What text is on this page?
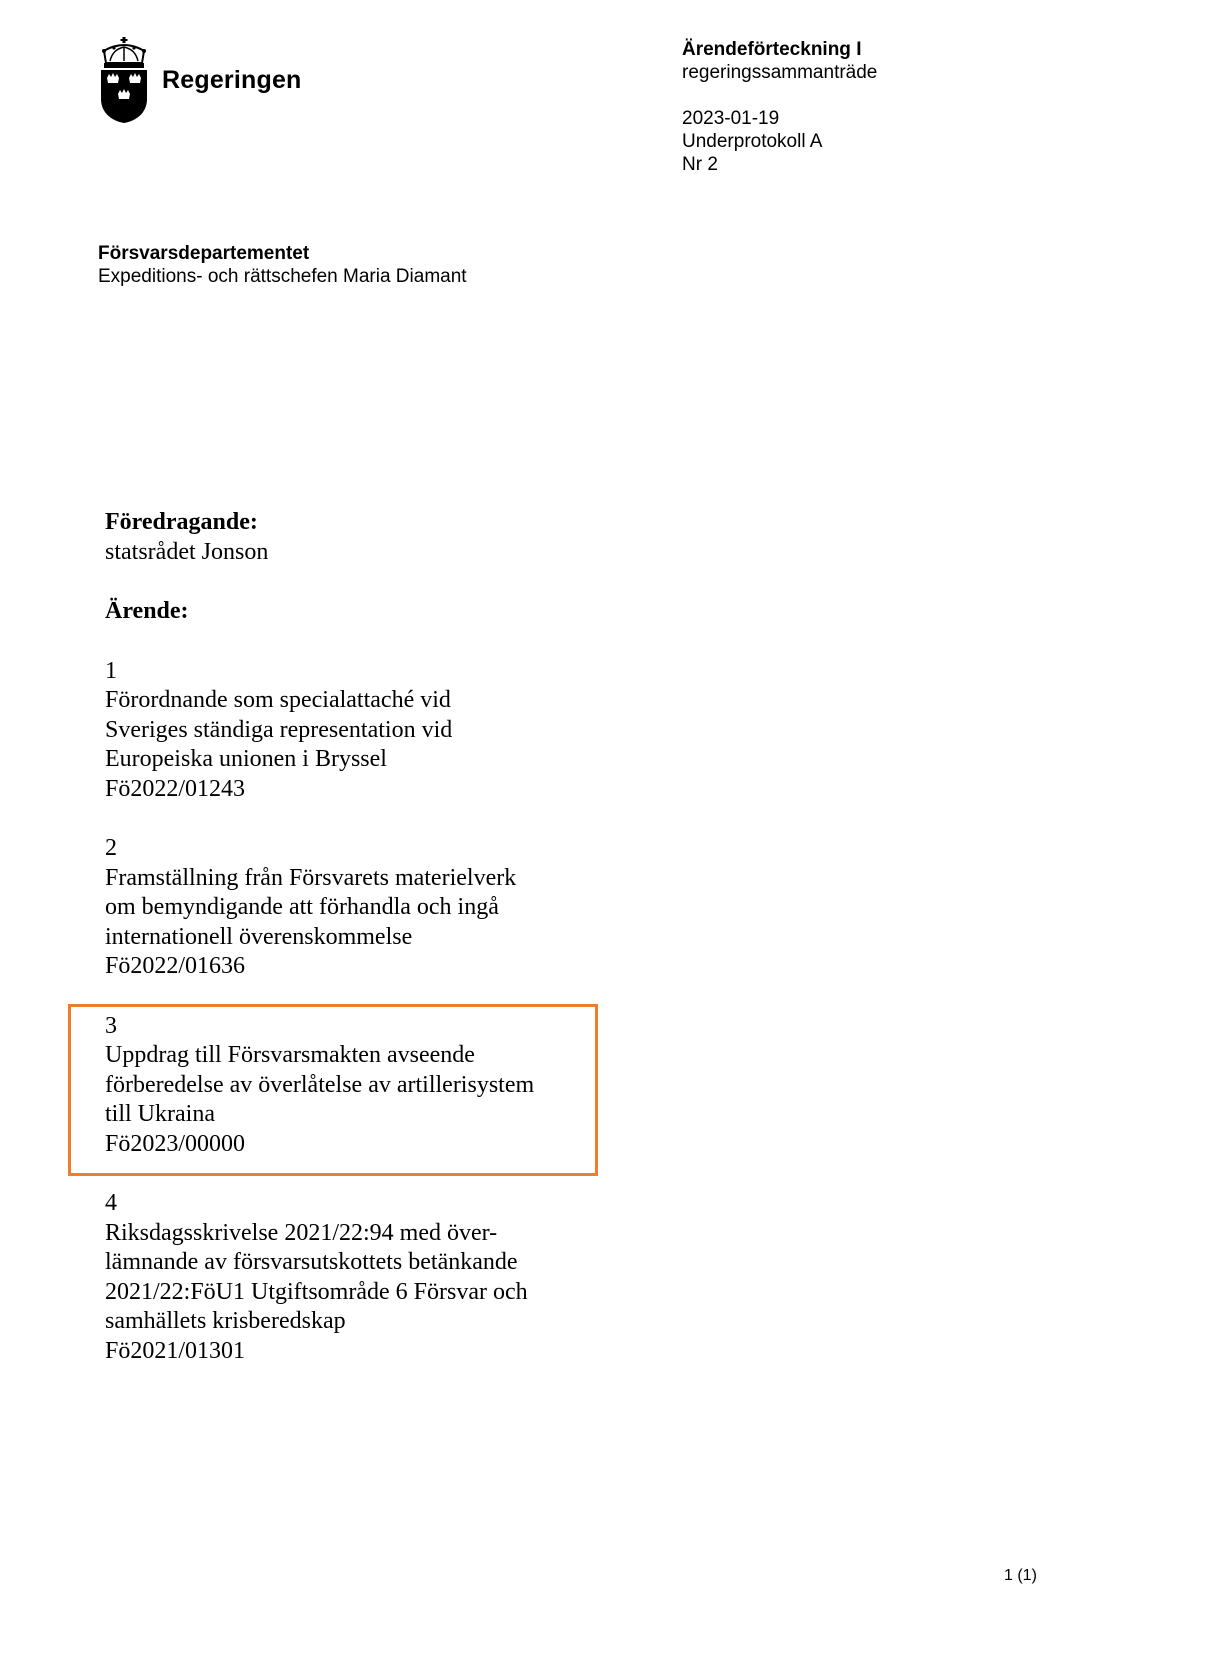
Regeringen
Ärendeförteckning I
regeringssammanträde
2023-01-19
Underprotokoll A
Nr 2
Försvarsdepartementet
Expeditions- och rättschefen Maria Diamant
Föredragande:
statsrådet Jonson
Ärende:
1
Förordnande som specialattaché vid
Sveriges ständiga representation vid
Europeiska unionen i Bryssel
Fö2022/01243
2
Framställning från Försvarets materielverk
om bemyndigande att förhandla och ingå
internationell överenskommelse
Fö2022/01636
3
Uppdrag till Försvarsmakten avseende
förberedelse av överlåtelse av artillerisystem
till Ukraina
Fö2023/00000
4
Riksdagsskrivelse 2021/22:94 med över-
lämnande av försvarsutskottets betänkande
2021/22:FöU1 Utgiftsområde 6 Försvar och
samhällets krisberedskap
Fö2021/01301
1 (1)
